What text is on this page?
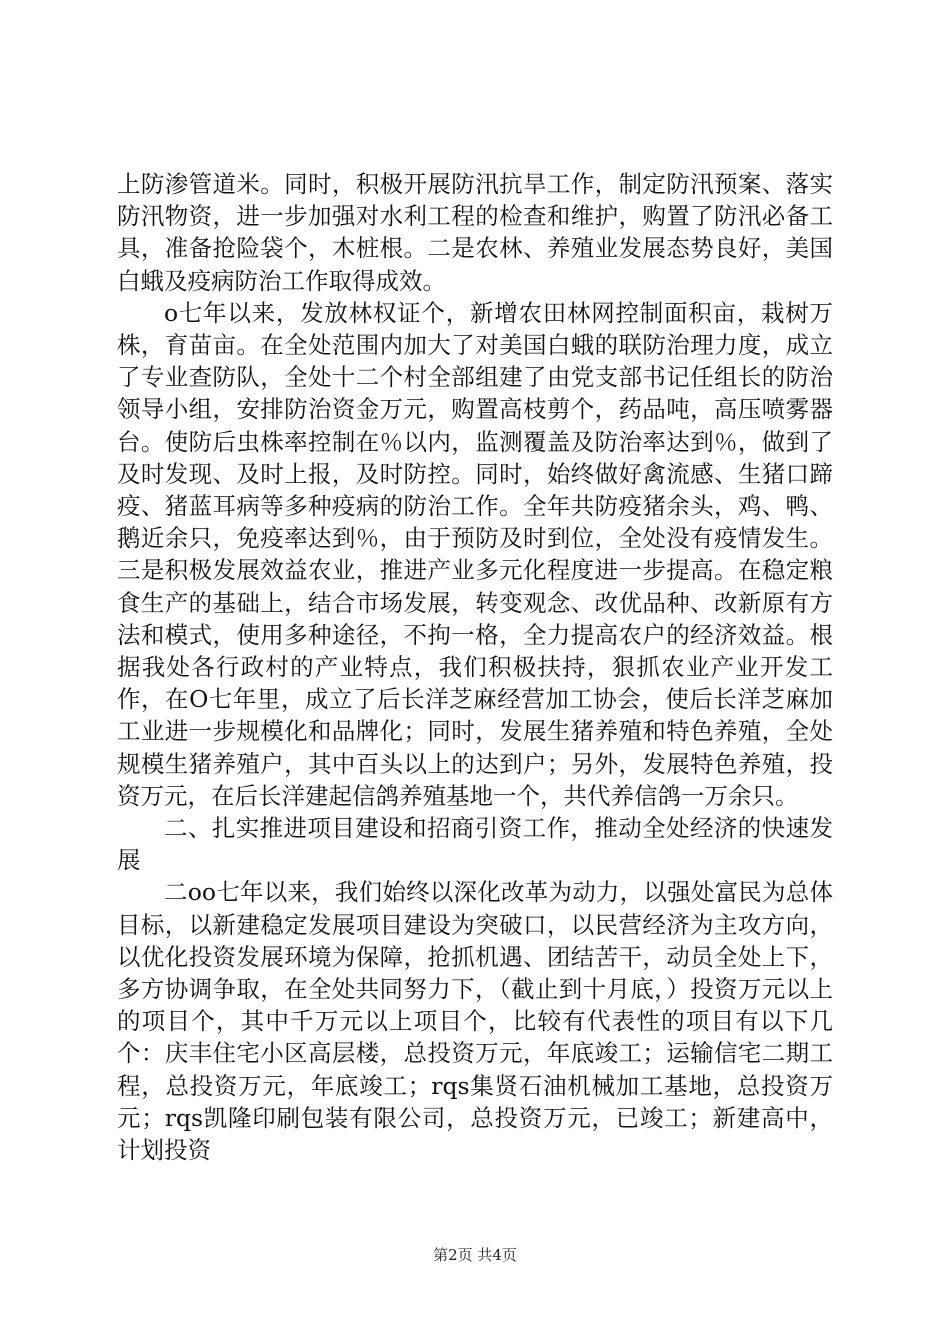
上防渗管道米。同时，积极开展防汛抗旱工作，制定防汛预案、落实防汛物资，进一步加强对水利工程的检查和维护，购置了防汛必备工具，准备抢险袋个，木桩根。二是农林、养殖业发展态势良好，美国白蛾及疫病防治工作取得成效。

o七年以来，发放林权证个，新增农田林网控制面积亩，栽树万株，育苗亩。在全处范围内加大了对美国白蛾的联防治理力度，成立了专业查防队，全处十二个村全部组建了由党支部书记任组长的防治领导小组，安排防治资金万元，购置高枝剪个，药品吨，高压喷雾器台。使防后虫株率控制在％以内，监测覆盖及防治率达到％，做到了及时发现、及时上报，及时防控。同时，始终做好禽流感、生猪口蹄疫、猪蓝耳病等多种疫病的防治工作。全年共防疫猪余头，鸡、鸭、鹅近余只，免疫率达到％，由于预防及时到位，全处没有疫情发生。三是积极发展效益农业，推进产业多元化程度进一步提高。在稳定粮食生产的基础上，结合市场发展，转变观念、改优品种、改新原有方法和模式，使用多种途径，不拘一格，全力提高农户的经济效益。根据我处各行政村的产业特点，我们积极扶持，狠抓农业产业开发工作，在O七年里，成立了后长洋芝麻经营加工协会，使后长洋芝麻加工业进一步规模化和品牌化；同时，发展生猪养殖和特色养殖，全处规模生猪养殖户，其中百头以上的达到户；另外，发展特色养殖，投资万元，在后长洋建起信鸽养殖基地一个，共代养信鸽一万余只。

二、扎实推进项目建设和招商引资工作，推动全处经济的快速发展

二oo七年以来，我们始终以深化改革为动力，以强处富民为总体目标，以新建稳定发展项目建设为突破口，以民营经济为主攻方向，以优化投资发展环境为保障，抢抓机遇、团结苦干，动员全处上下，多方协调争取，在全处共同努力下，（截止到十月底，）投资万元以上的项目个，其中千万元以上项目个，比较有代表性的项目有以下几个：庆丰住宅小区高层楼，总投资万元，年底竣工；运输信宅二期工程，总投资万元，年底竣工；rqs集贤石油机械加工基地，总投资万元；rqs凯隆印刷包装有限公司，总投资万元，已竣工；新建高中，计划投资

第2页 共4页
